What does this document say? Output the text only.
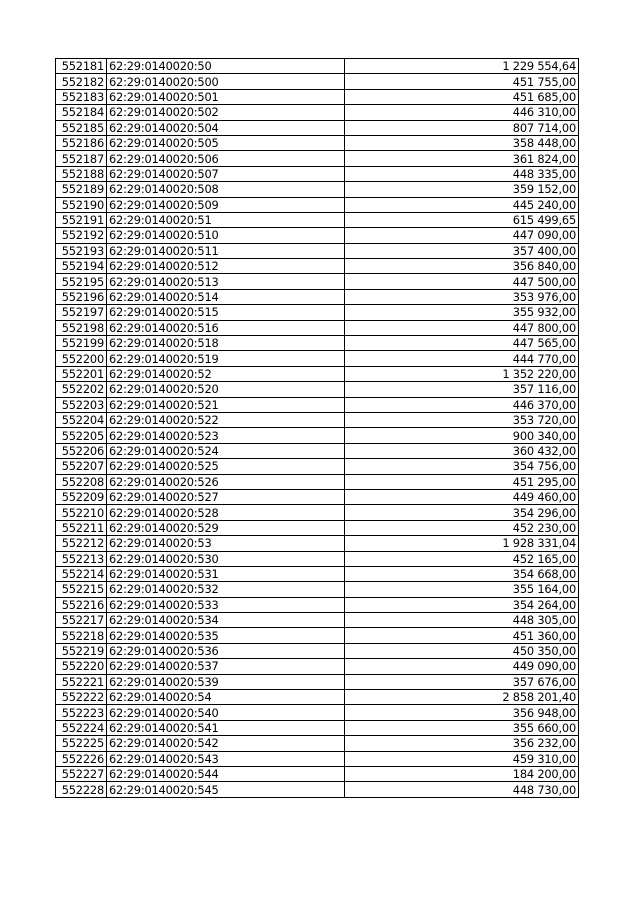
552181	62:29:0140020:50	1 229 554,64
552182	62:29:0140020:500	451 755,00
552183	62:29:0140020:501	451 685,00
552184	62:29:0140020:502	446 310,00
552185	62:29:0140020:504	807 714,00
552186	62:29:0140020:505	358 448,00
552187	62:29:0140020:506	361 824,00
552188	62:29:0140020:507	448 335,00
552189	62:29:0140020:508	359 152,00
552190	62:29:0140020:509	445 240,00
552191	62:29:0140020:51	615 499,65
552192	62:29:0140020:510	447 090,00
552193	62:29:0140020:511	357 400,00
552194	62:29:0140020:512	356 840,00
552195	62:29:0140020:513	447 500,00
552196	62:29:0140020:514	353 976,00
552197	62:29:0140020:515	355 932,00
552198	62:29:0140020:516	447 800,00
552199	62:29:0140020:518	447 565,00
552200	62:29:0140020:519	444 770,00
552201	62:29:0140020:52	1 352 220,00
552202	62:29:0140020:520	357 116,00
552203	62:29:0140020:521	446 370,00
552204	62:29:0140020:522	353 720,00
552205	62:29:0140020:523	900 340,00
552206	62:29:0140020:524	360 432,00
552207	62:29:0140020:525	354 756,00
552208	62:29:0140020:526	451 295,00
552209	62:29:0140020:527	449 460,00
552210	62:29:0140020:528	354 296,00
552211	62:29:0140020:529	452 230,00
552212	62:29:0140020:53	1 928 331,04
552213	62:29:0140020:530	452 165,00
552214	62:29:0140020:531	354 668,00
552215	62:29:0140020:532	355 164,00
552216	62:29:0140020:533	354 264,00
552217	62:29:0140020:534	448 305,00
552218	62:29:0140020:535	451 360,00
552219	62:29:0140020:536	450 350,00
552220	62:29:0140020:537	449 090,00
552221	62:29:0140020:539	357 676,00
552222	62:29:0140020:54	2 858 201,40
552223	62:29:0140020:540	356 948,00
552224	62:29:0140020:541	355 660,00
552225	62:29:0140020:542	356 232,00
552226	62:29:0140020:543	459 310,00
552227	62:29:0140020:544	184 200,00
552228	62:29:0140020:545	448 730,00
